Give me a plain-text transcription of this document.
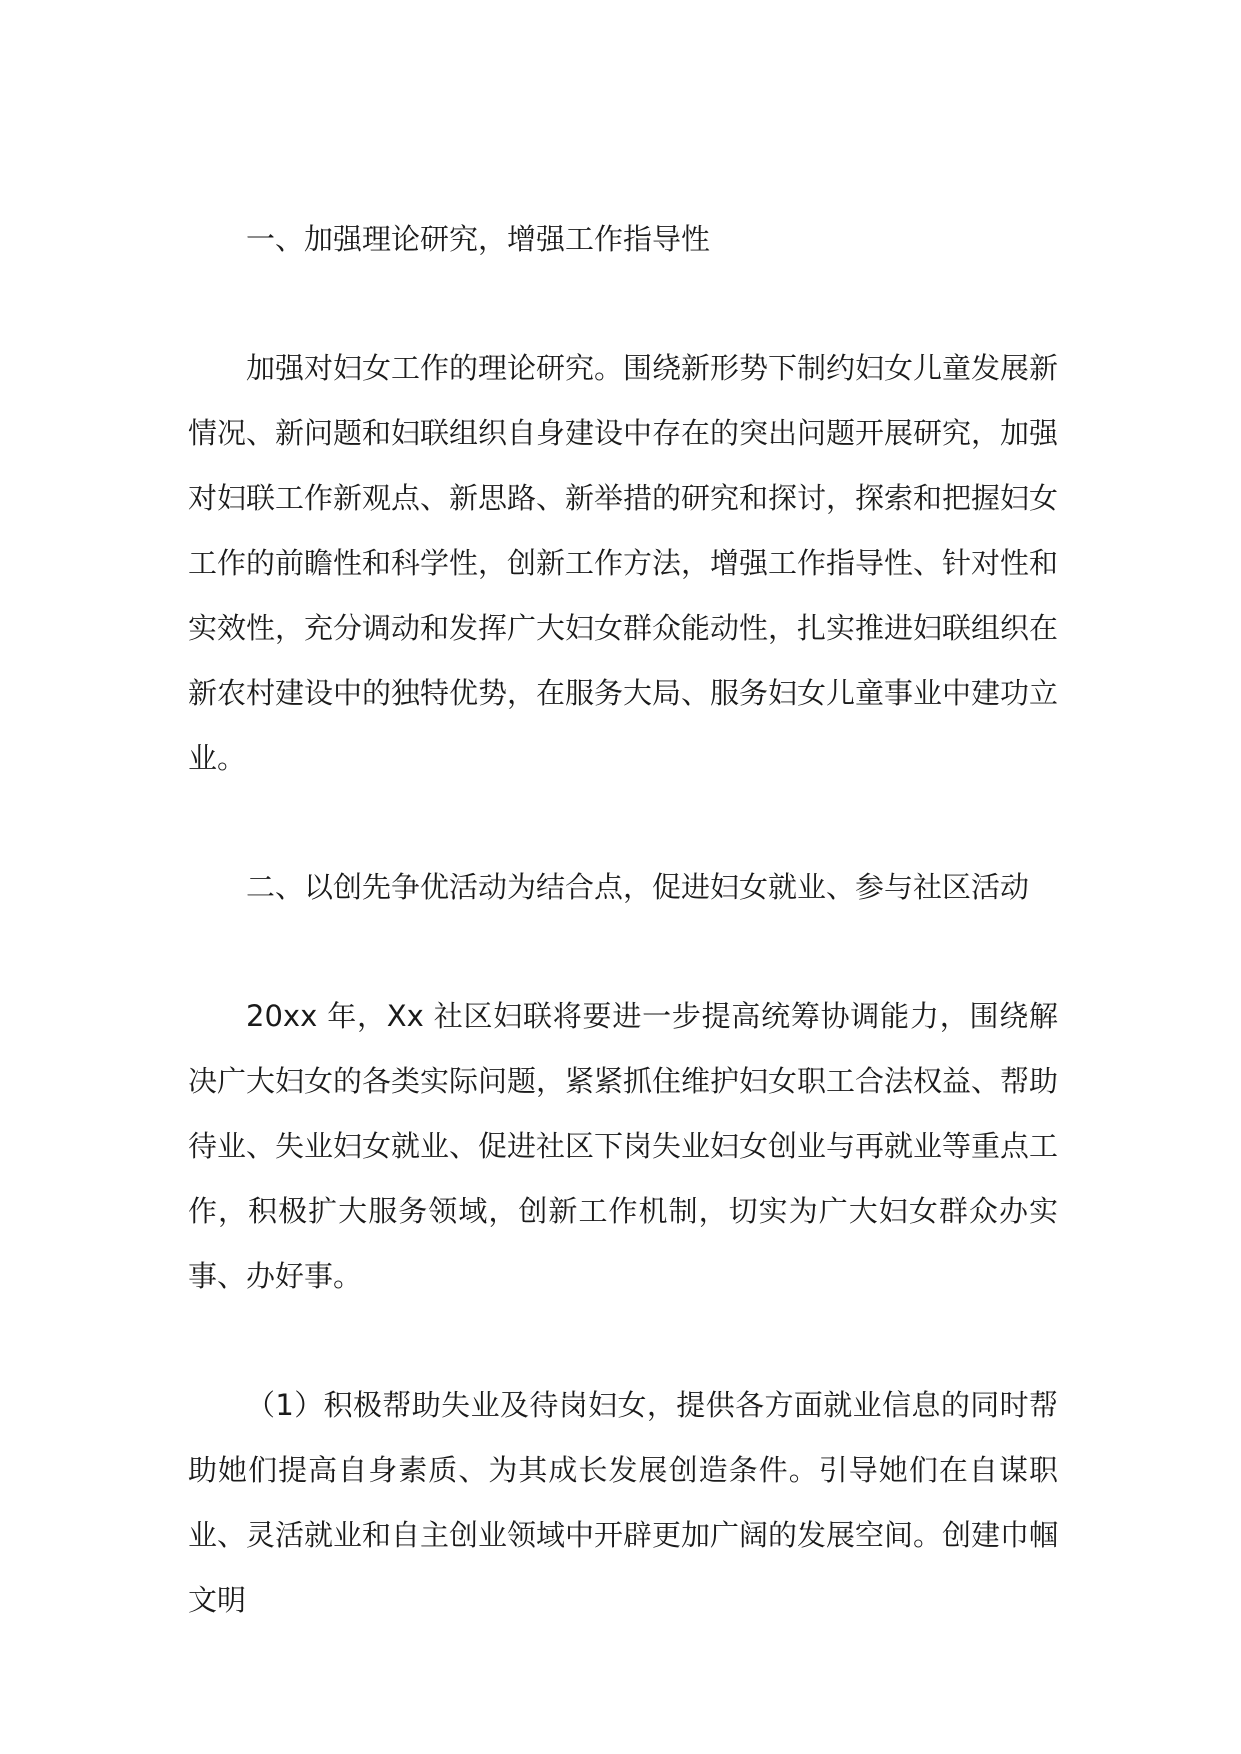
一、加强理论研究，增强工作指导性

加强对妇女工作的理论研究。围绕新形势下制约妇女儿童发展新情况、新问题和妇联组织自身建设中存在的突出问题开展研究，加强对妇联工作新观点、新思路、新举措的研究和探讨，探索和把握妇女工作的前瞻性和科学性，创新工作方法，增强工作指导性、针对性和实效性，充分调动和发挥广大妇女群众能动性，扎实推进妇联组织在新农村建设中的独特优势，在服务大局、服务妇女儿童事业中建功立业。

二、以创先争优活动为结合点，促进妇女就业、参与社区活动

20xx 年，Xx 社区妇联将要进一步提高统筹协调能力，围绕解决广大妇女的各类实际问题，紧紧抓住维护妇女职工合法权益、帮助待业、失业妇女就业、促进社区下岗失业妇女创业与再就业等重点工作，积极扩大服务领域，创新工作机制，切实为广大妇女群众办实事、办好事。

（1）积极帮助失业及待岗妇女，提供各方面就业信息的同时帮助她们提高自身素质、为其成长发展创造条件。引导她们在自谋职业、灵活就业和自主创业领域中开辟更加广阔的发展空间。创建巾帼文明
